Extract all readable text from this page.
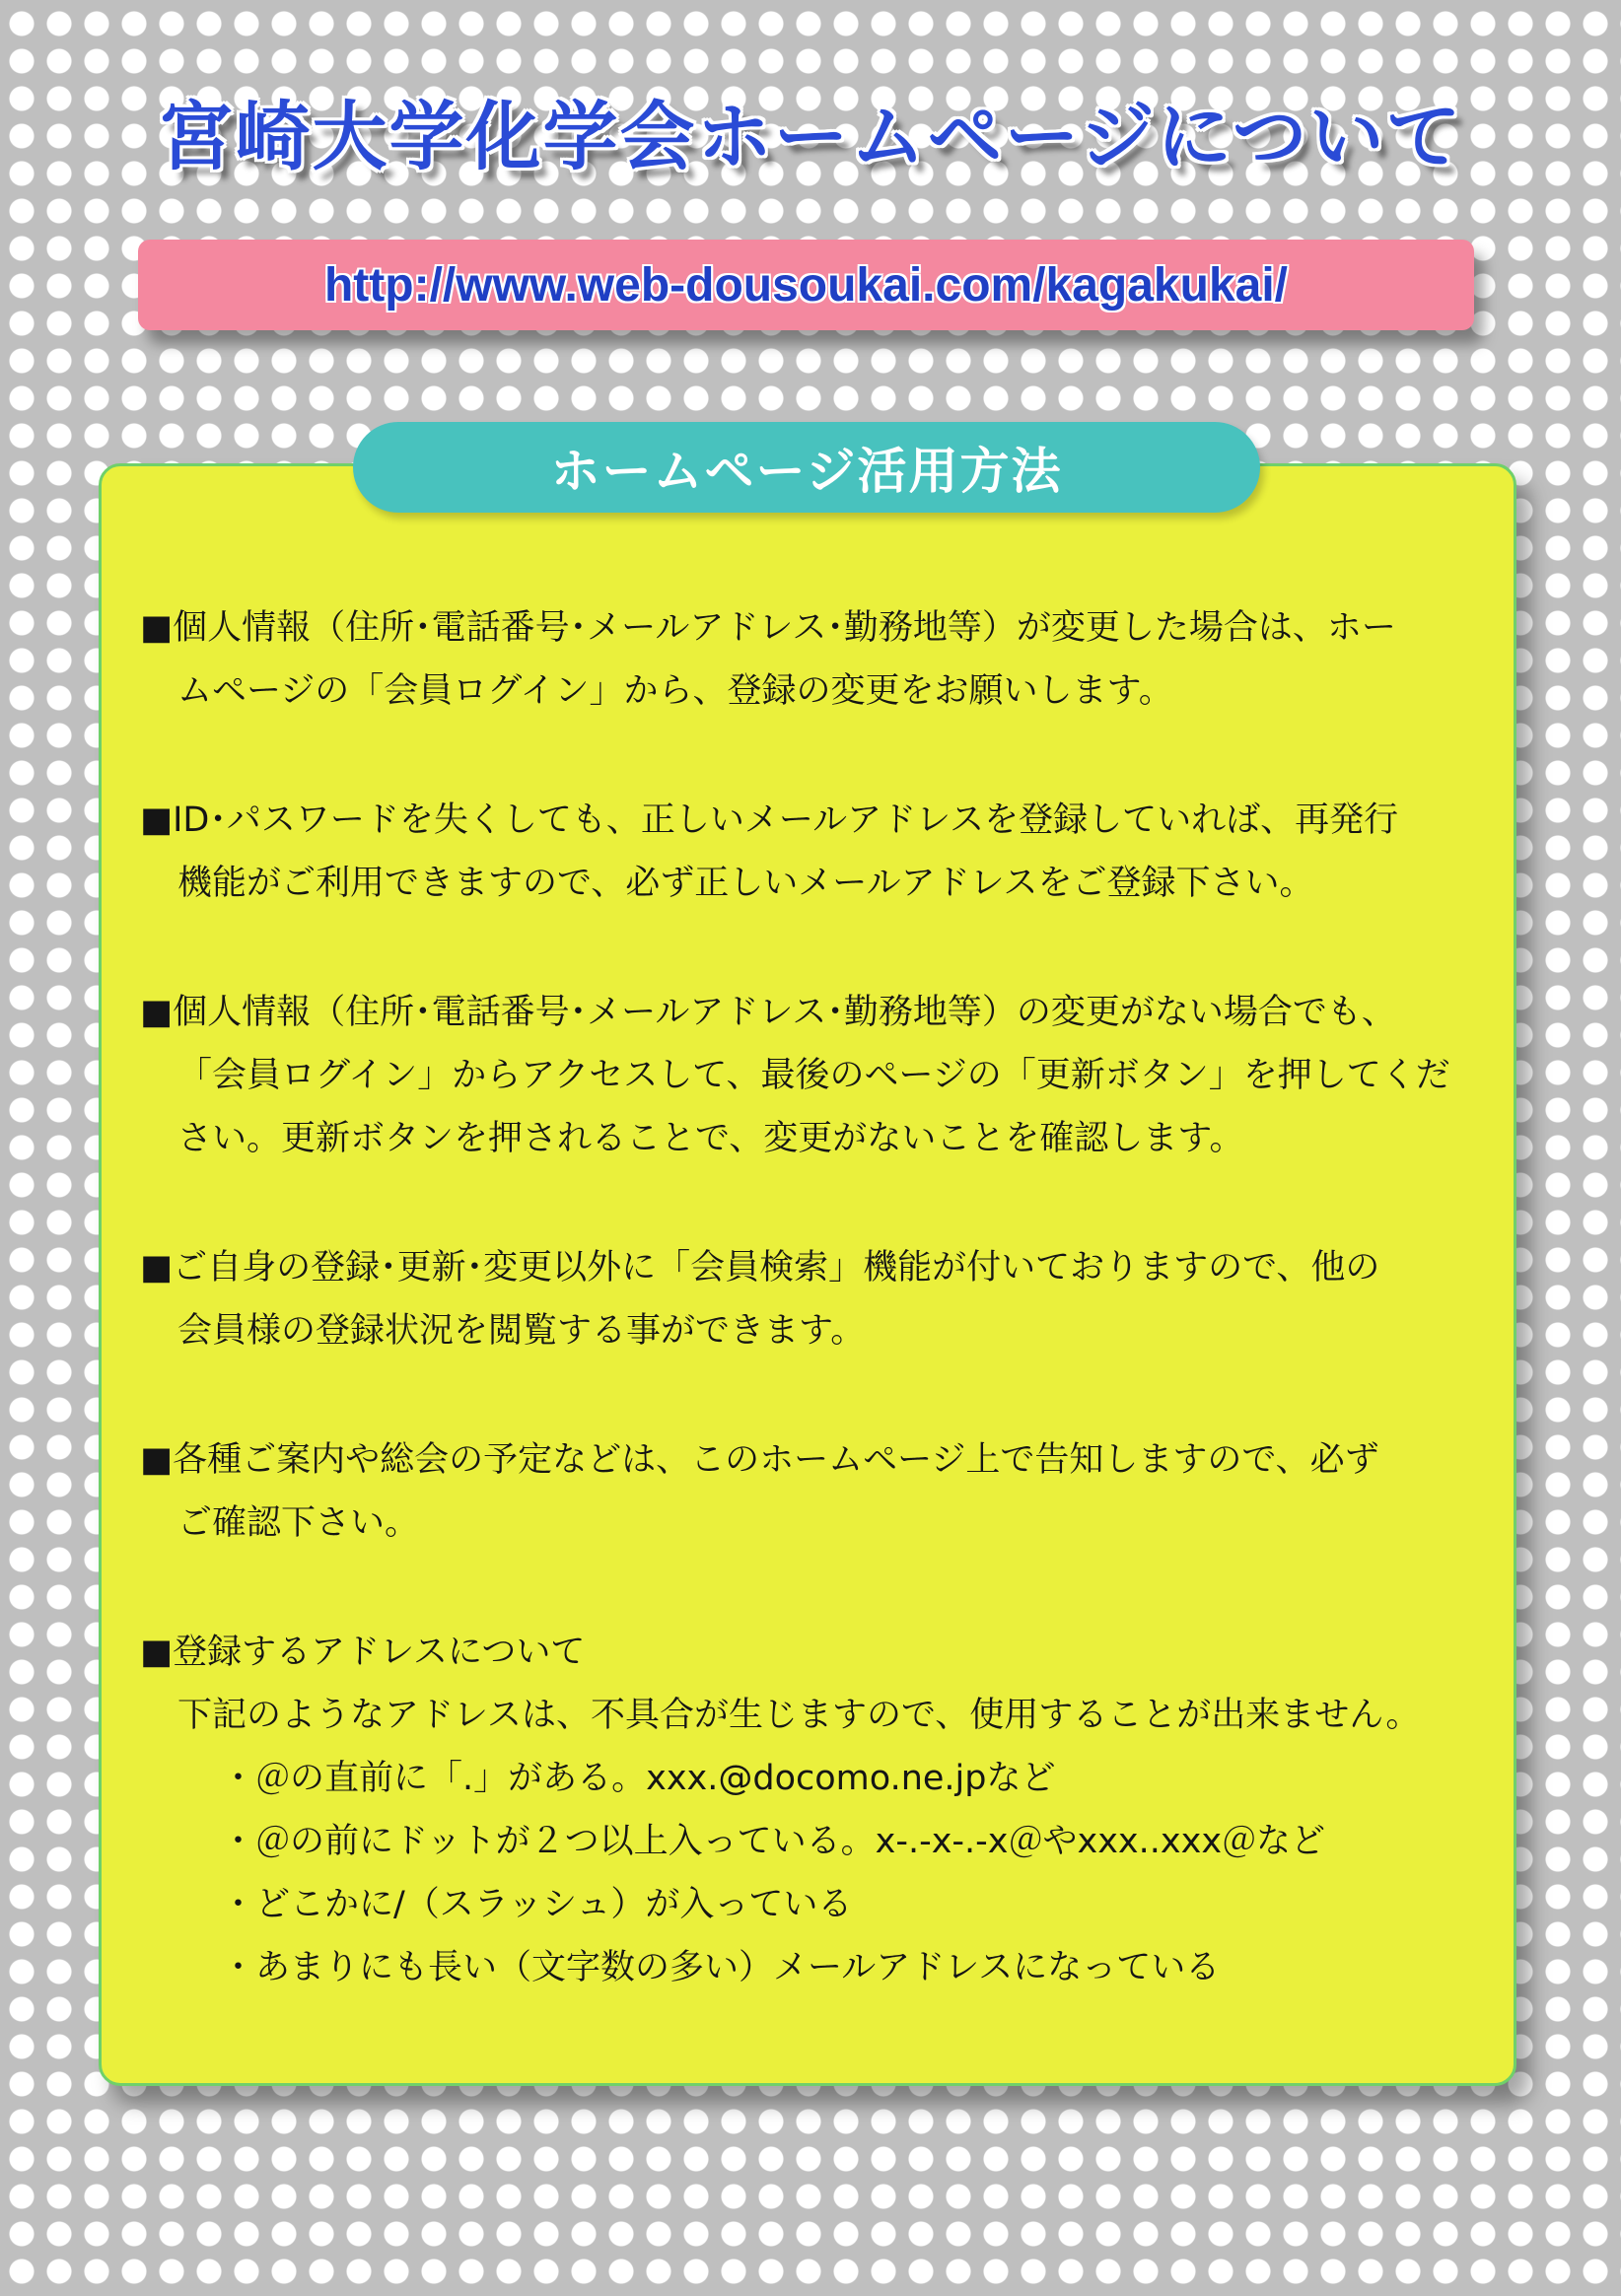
宮崎大学化学会ホームページについて
http://www.web-dousoukai.com/kagakukai/
ホームページ活用方法

■個人情報（住所･電話番号･メールアドレス･勤務地等）が変更した場合は、ホー

ムページの「会員ログイン」から、登録の変更をお願いします。

■ID･パスワードを失くしても、正しいメールアドレスを登録していれば、再発行

機能がご利用できますので、必ず正しいメールアドレスをご登録下さい。

■個人情報（住所･電話番号･メールアドレス･勤務地等）の変更がない場合でも、

「会員ログイン」からアクセスして、最後のページの「更新ボタン」を押してくだ

さい。更新ボタンを押されることで、変更がないことを確認します。

■ご自身の登録･更新･変更以外に「会員検索」機能が付いておりますので、他の

会員様の登録状況を閲覧する事ができます。

■各種ご案内や総会の予定などは、このホームページ上で告知しますので、必ず

ご確認下さい。

■登録するアドレスについて

下記のようなアドレスは、不具合が生じますので、使用することが出来ません。

・＠の直前に「.」がある。xxx.@docomo.ne.jpなど

・＠の前にドットが２つ以上入っている。x-.-x-.-x＠やxxx..xxx＠など

・どこかに/（スラッシュ）が入っている

・あまりにも長い（文字数の多い）メールアドレスになっている
